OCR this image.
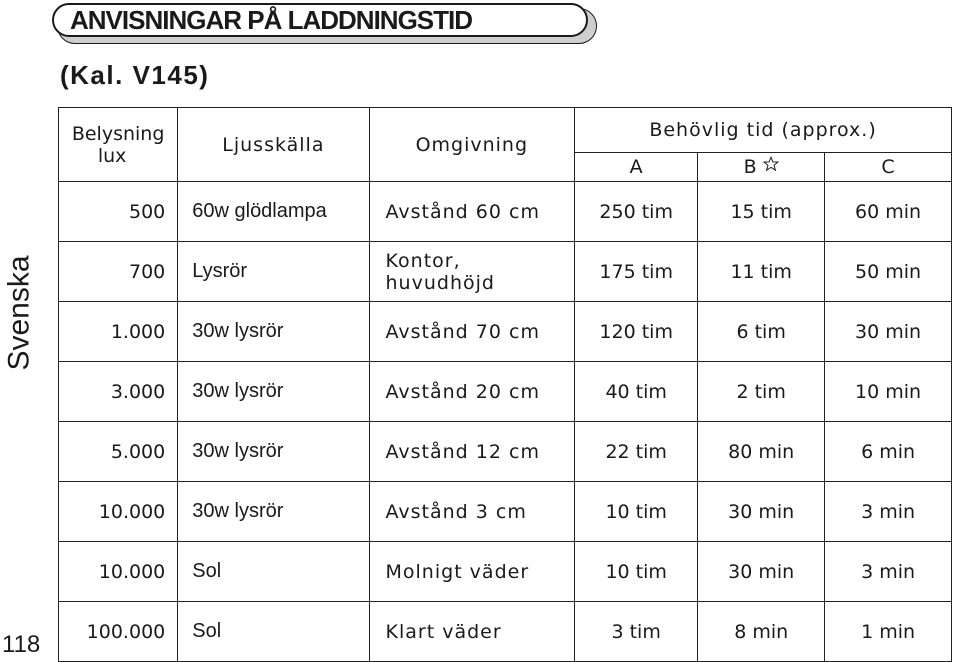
ANVISNINGAR PÅ LADDNINGSTID
(Kal. V145)
Svenska
118
Belysning
lux	Ljusskälla	Omgivning	Behövlig tid (approx.)		
			A	B	C
500	60w glödlampa	Avstånd 60 cm	250 tim	15 tim	60 min
700	Lysrör	Kontor, huvudhöjd	175 tim	11 tim	50 min
1.000	30w lysrör	Avstånd 70 cm	120 tim	6 tim	30 min
3.000	30w lysrör	Avstånd 20 cm	40 tim	2 tim	10 min
5.000	30w lysrör	Avstånd 12 cm	22 tim	80 min	6 min
10.000	30w lysrör	Avstånd 3 cm	10 tim	30 min	3 min
10.000	Sol	Molnigt väder	10 tim	30 min	3 min
100.000	Sol	Klart väder	3 tim	8 min	1 min
